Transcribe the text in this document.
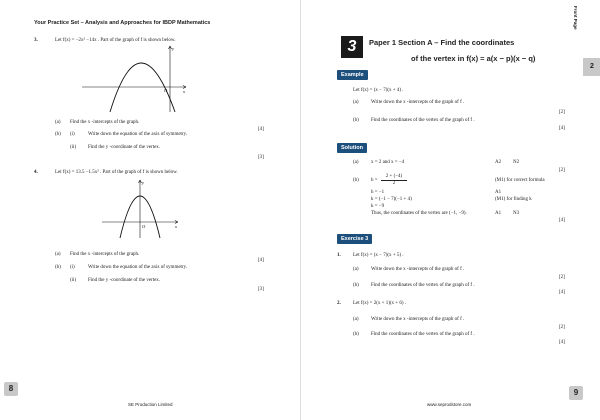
Your Practice Set – Analysis and Approaches for IBDP Mathematics
3.	Let f(x) = −2x² −14x . Part of the graph of f is shown below.
x
y
O
(a) Find the x -intercepts of the graph.
[4]
(b) (i)	Write down the equation of the axis of symmetry.
(ii) Find the y -coordinate of the vertex.
[3]
4.	Let f(x) = 13.5 −1.5x² . Part of the graph of f is shown below.
x
y
O
(a) Find the x -intercepts of the graph.
[4]
(b) (i)	Write down the equation of the axis of symmetry.
(ii) Find the y -coordinate of the vertex.
[3]
8
SE Production Limited
Front Page
2
3	Paper 1 Section A – Find the coordinates
of the vertex in f(x) = a(x − p)(x − q)
Example
Let f(x) = (x − 7)(x + 4) .
(a) Write down the x -intercepts of the graph of f .
[2]
(b) Find the coordinates of the vertex of the graph of f .
[4]
Solution
(a) x = 2 and x = −4	A2 N2
[2]
(b) h =
2 + (−4)
2
(M1) for correct formula
h = −1	A1
k = (−1 − 7)(−1 + 4)	(M1) for finding k
k = −9
Thus, the coordinates of the vertex are (−1, −9).	A1 N3
[4]
Exercise 3
1. Let f(x) = (x − 7)(x + 5) .
(a) Write down the x -intercepts of the graph of f .
[2]
(b) Find the coordinates of the vertex of the graph of f .
[4]
2. Let f(x) = 2(x + 1)(x + 6) .
(a) Write down the x -intercepts of the graph of f .
[2]
(b) Find the coordinates of the vertex of the graph of f .
[4]
9
www.seprodstore.com
